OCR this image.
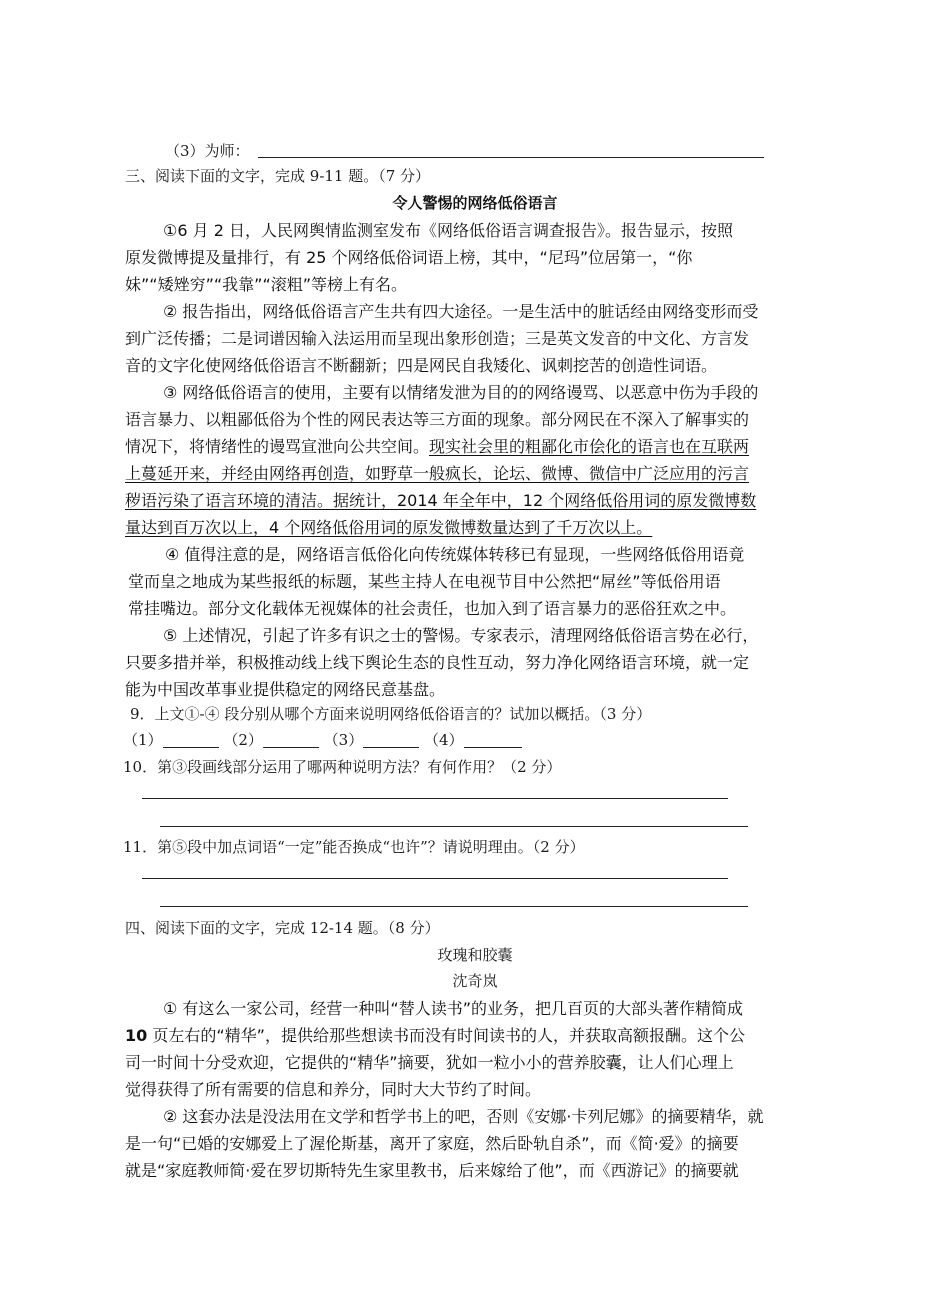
（3）为师：
三、阅读下面的文字，完成 9-11 题。（7 分）
令人警惕的网络低俗语言
①6 月 2 日，人民网舆情监测室发布《网络低俗语言调查报告》。报告显示，按照
原发微博提及量排行，有 25 个网络低俗词语上榜，其中，“尼玛”位居第一，“你
妹”“矮矬穷”“我靠”“滚粗”等榜上有名。
② 报告指出，网络低俗语言产生共有四大途径。一是生活中的脏话经由网络变形而受
到广泛传播；二是词谱因输入法运用而呈现出象形创造；三是英文发音的中文化、方言发
音的文字化使网络低俗语言不断翻新；四是网民自我矮化、讽刺挖苦的创造性词语。
③ 网络低俗语言的使用，主要有以情绪发泄为目的的网络谩骂、以恶意中伤为手段的
语言暴力、以粗鄙低俗为个性的网民表达等三方面的现象。部分网民在不深入了解事实的
情况下，将情绪性的谩骂宣泄向公共空间。现实社会里的粗鄙化市侩化的语言也在互联两
上蔓延开来，并经由网络再创造，如野草一般疯长，论坛、微博、微信中广泛应用的污言
秽语污染了语言环境的清洁。据统计，2014 年全年中，12 个网络低俗用词的原发微博数
量达到百万次以上，4 个网络低俗用词的原发微博数量达到了千万次以上。
④ 值得注意的是，网络语言低俗化向传统媒体转移已有显现，一些网络低俗用语竟
堂而皇之地成为某些报纸的标题，某些主持人在电视节目中公然把“屌丝”等低俗用语
常挂嘴边。部分文化载体无视媒体的社会责任，也加入到了语言暴力的恶俗狂欢之中。
⑤ 上述情况，引起了许多有识之士的警惕。专家表示，清理网络低俗语言势在必行，
只要多措并举，积极推动线上线下舆论生态的良性互动，努力净化网络语言环境，就一定
能为中国改革事业提供稳定的网络民意基盘。
9．上文①-④ 段分别从哪个方面来说明网络低俗语言的？试加以概括。（3 分）
（1）	（2）	（3）	（4）
10．第③段画线部分运用了哪两种说明方法？有何作用？（2 分）
11．第⑤段中加点词语“一定”能否换成“也许”？请说明理由。（2 分）
四、阅读下面的文字，完成 12-14 题。（8 分）
玫瑰和胶囊
沈奇岚
① 有这么一家公司，经营一种叫“替人读书”的业务，把几百页的大部头著作精简成
10 页左右的“精华”，提供给那些想读书而没有时间读书的人，并获取高额报酬。这个公
司一时间十分受欢迎，它提供的“精华”摘要，犹如一粒小小的营养胶囊，让人们心理上
觉得获得了所有需要的信息和养分，同时大大节约了时间。
② 这套办法是没法用在文学和哲学书上的吧，否则《安娜·卡列尼娜》的摘要精华，就
是一句“已婚的安娜爱上了渥伦斯基，离开了家庭，然后卧轨自杀”，而《简·爱》的摘要
就是“家庭教师简·爱在罗切斯特先生家里教书，后来嫁给了他”，而《西游记》的摘要就
